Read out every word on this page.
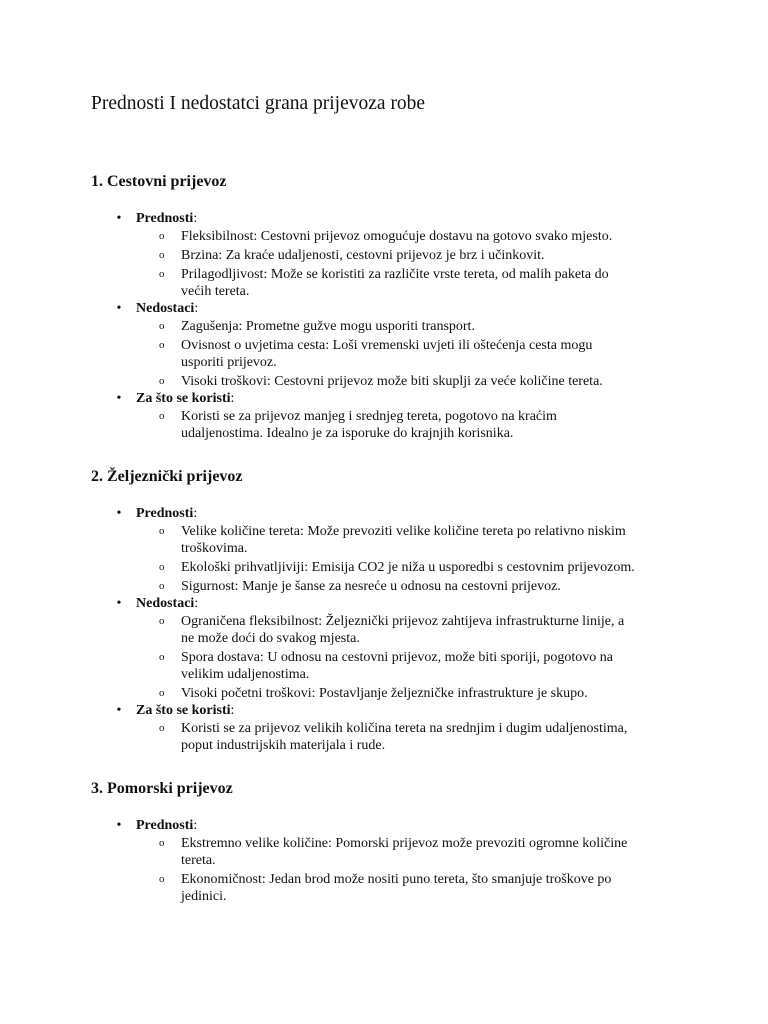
Prednosti I nedostatci grana prijevoza robe
1. Cestovni prijevoz
• Prednosti:
o Fleksibilnost: Cestovni prijevoz omogućuje dostavu na gotovo svako mjesto.
o Brzina: Za kraće udaljenosti, cestovni prijevoz je brz i učinkovit.
o Prilagodljivost: Može se koristiti za različite vrste tereta, od malih paketa do
većih tereta.
• Nedostaci:
o Zagušenja: Prometne gužve mogu usporiti transport.
o Ovisnost o uvjetima cesta: Loši vremenski uvjeti ili oštećenja cesta mogu
usporiti prijevoz.
o Visoki troškovi: Cestovni prijevoz može biti skuplji za veće količine tereta.
• Za što se koristi:
o Koristi se za prijevoz manjeg i srednjeg tereta, pogotovo na kraćim
udaljenostima. Idealno je za isporuke do krajnjih korisnika.
2. Željeznički prijevoz
• Prednosti:
o Velike količine tereta: Može prevoziti velike količine tereta po relativno niskim
troškovima.
o Ekološki prihvatljiviji: Emisija CO2 je niža u usporedbi s cestovnim prijevozom.
o Sigurnost: Manje je šanse za nesreće u odnosu na cestovni prijevoz.
• Nedostaci:
o Ograničena fleksibilnost: Željeznički prijevoz zahtijeva infrastrukturne linije, a
ne može doći do svakog mjesta.
o Spora dostava: U odnosu na cestovni prijevoz, može biti sporiji, pogotovo na
velikim udaljenostima.
o Visoki početni troškovi: Postavljanje željezničke infrastrukture je skupo.
• Za što se koristi:
o Koristi se za prijevoz velikih količina tereta na srednjim i dugim udaljenostima,
poput industrijskih materijala i rude.
3. Pomorski prijevoz
• Prednosti:
o Ekstremno velike količine: Pomorski prijevoz može prevoziti ogromne količine
tereta.
o Ekonomičnost: Jedan brod može nositi puno tereta, što smanjuje troškove po
jedinici.
